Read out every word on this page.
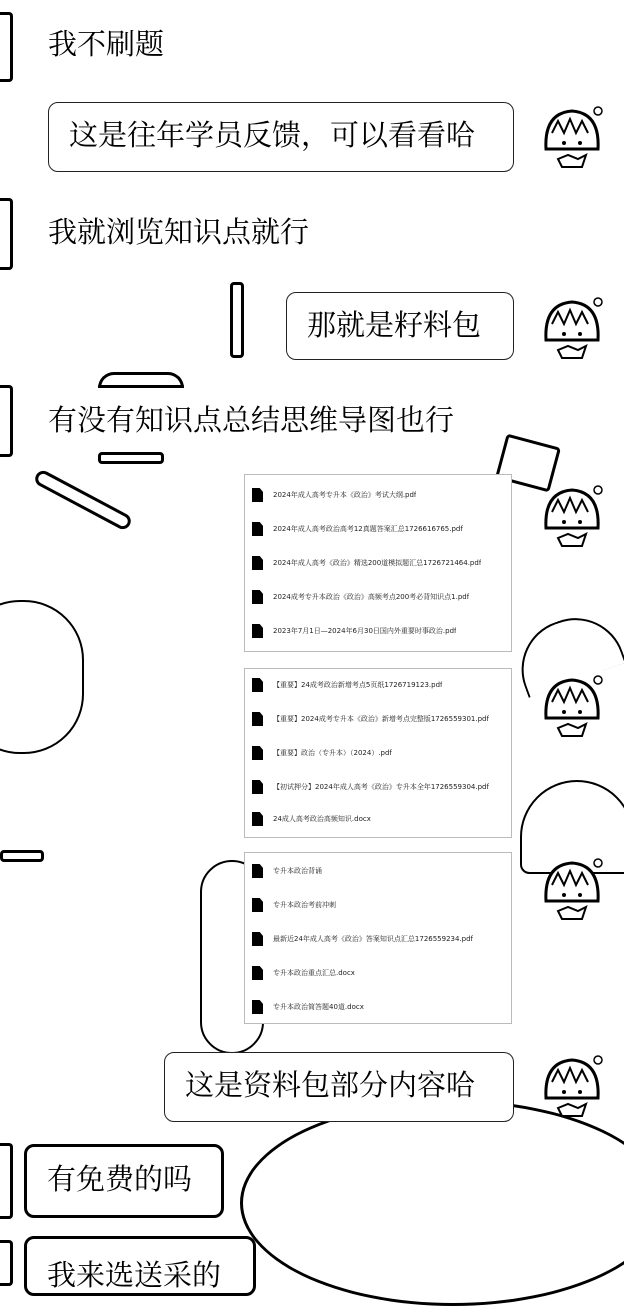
我不刷题
这是往年学员反馈，可以看看哈
我就浏览知识点就行
那就是籽料包
有没有知识点总结思维导图也行
2024年成人高考专升本《政治》考试大纲.pdf
2024年成人高考政治高考12真题答案汇总1726616765.pdf
2024年成人高考《政治》精选200道模拟题汇总1726721464.pdf
2024成考专升本政治《政治》高频考点200考必背知识点1.pdf
2023年7月1日—2024年6月30日国内外重要时事政治.pdf
【重要】24成考政治新增考点5页纸1726719123.pdf
【重要】2024成考专升本《政治》新增考点完整版1726559301.pdf
【重要】政治（专升本）（2024）.pdf
【初试押分】2024年成人高考《政治》专升本全年1726559304.pdf
24成人高考政治高频知识.docx
专升本政治背诵
专升本政治考前冲刺
最新近24年成人高考《政治》答案知识点汇总1726559234.pdf
专升本政治重点汇总.docx
专升本政治简答题40道.docx
这是资料包部分内容哈
有免费的吗
我来选送采的
